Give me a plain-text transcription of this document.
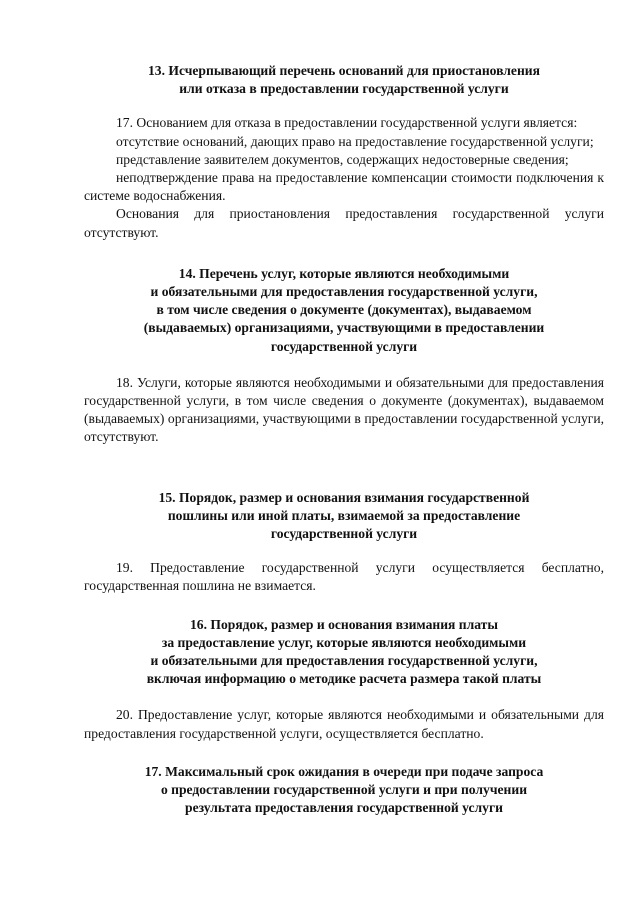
13. Исчерпывающий перечень оснований для приостановления
или отказа в предоставлении государственной услуги

17. Основанием для отказа в предоставлении государственной услуги является:

отсутствие оснований, дающих право на предоставление государственной услуги;

представление заявителем документов, содержащих недостоверные сведения;

неподтверждение права на предоставление компенсации стоимости подключения к системе водоснабжения.

Основания для приостановления предоставления государственной услуги отсутствуют.

14. Перечень услуг, которые являются необходимыми
и обязательными для предоставления государственной услуги,
в том числе сведения о документе (документах), выдаваемом
(выдаваемых) организациями, участвующими в предоставлении
государственной услуги

18. Услуги, которые являются необходимыми и обязательными для предоставления государственной услуги, в том числе сведения о документе (документах), выдаваемом (выдаваемых) организациями, участвующими в предоставлении государственной услуги, отсутствуют.

15. Порядок, размер и основания взимания государственной
пошлины или иной платы, взимаемой за предоставление
государственной услуги

19. Предоставление государственной услуги осуществляется бесплатно, государственная пошлина не взимается.

16. Порядок, размер и основания взимания платы
за предоставление услуг, которые являются необходимыми
и обязательными для предоставления государственной услуги,
включая информацию о методике расчета размера такой платы

20. Предоставление услуг, которые являются необходимыми и обязательными для предоставления государственной услуги, осуществляется бесплатно.

17. Максимальный срок ожидания в очереди при подаче запроса
о предоставлении государственной услуги и при получении
результата предоставления государственной услуги
